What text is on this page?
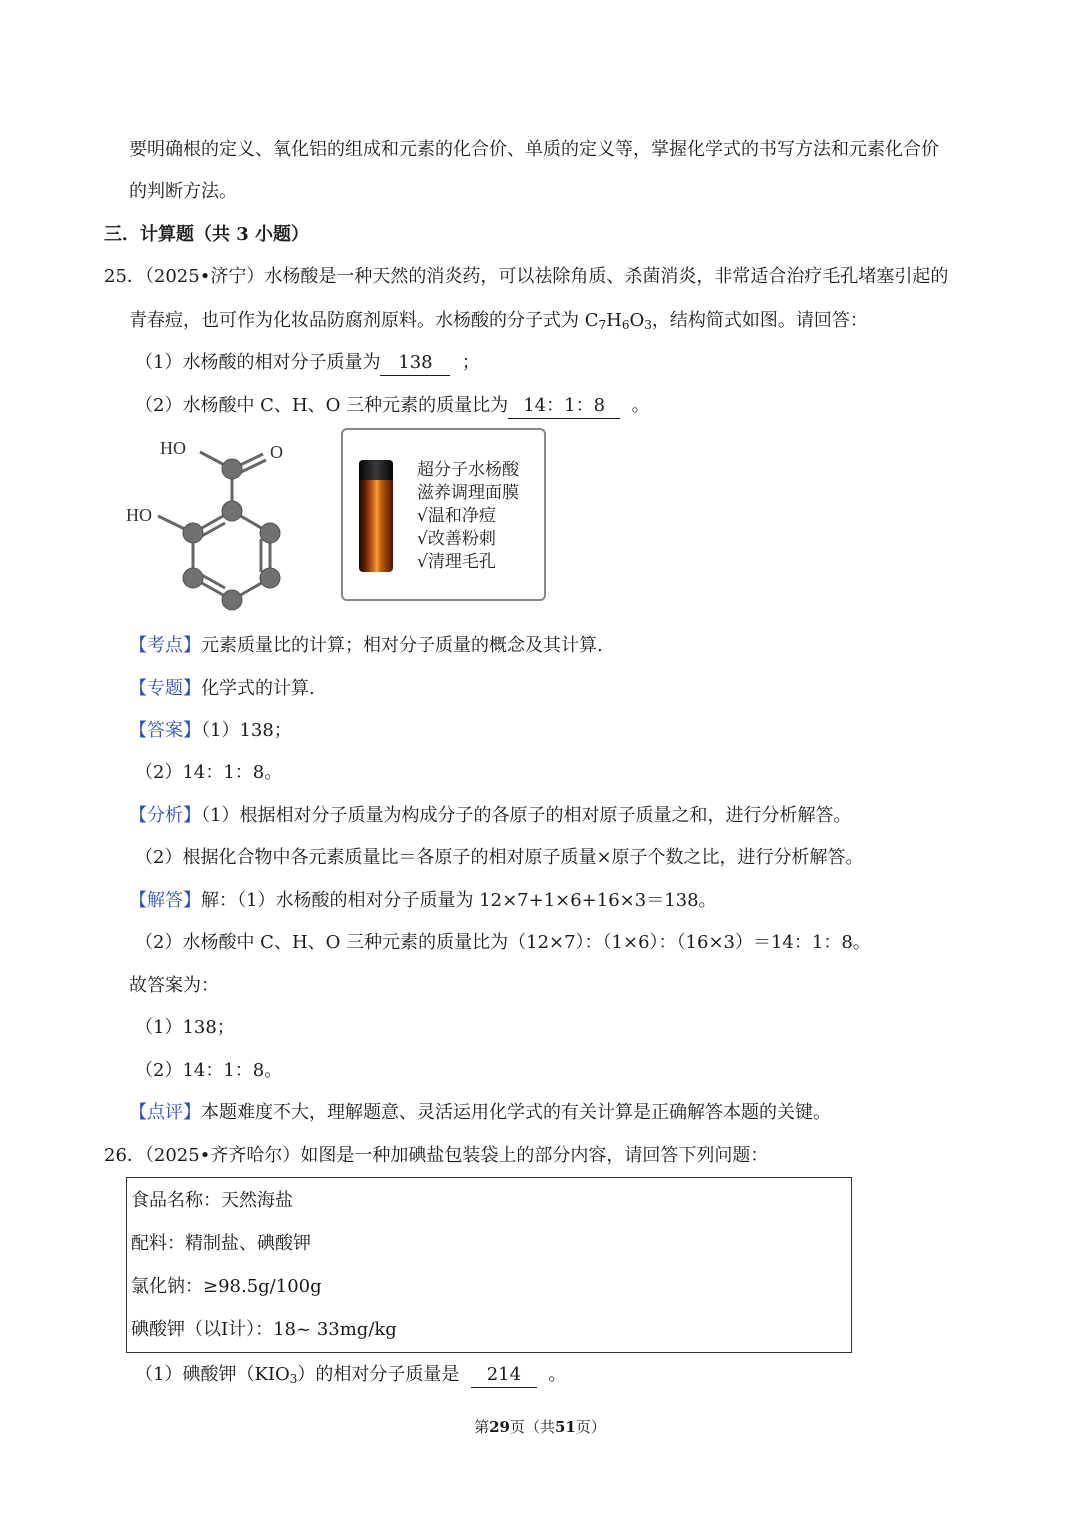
要明确根的定义、氧化铝的组成和元素的化合价、单质的定义等，掌握化学式的书写方法和元素化合价
的判断方法。
三．计算题（共 3 小题）
25．（2025•济宁）水杨酸是一种天然的消炎药，可以祛除角质、杀菌消炎，非常适合治疗毛孔堵塞引起的
青春痘，也可作为化妆品防腐剂原料。水杨酸的分子式为 $C_7H_6O_3$，结构简式如图。请回答：
（1）水杨酸的相对分子质量为 138 ；
（2）水杨酸中 C、H、O 三种元素的质量比为 14：1：8 。
HO	O
HO
超分子水杨酸
滋养调理面膜
√温和净痘
√改善粉刺
√清理毛孔
【考点】元素质量比的计算；相对分子质量的概念及其计算.
【专题】化学式的计算.
【答案】（1）138；
（2）14：1：8。
【分析】（1）根据相对分子质量为构成分子的各原子的相对原子质量之和，进行分析解答。
（2）根据化合物中各元素质量比＝各原子的相对原子质量×原子个数之比，进行分析解答。
【解答】解：（1）水杨酸的相对分子质量为 12×7+1×6+16×3＝138。
（2）水杨酸中 C、H、O 三种元素的质量比为（12×7）：（1×6）：（16×3）＝14：1：8。
故答案为：
（1）138；
（2）14：1：8。
【点评】本题难度不大，理解题意、灵活运用化学式的有关计算是正确解答本题的关键。
26．（2025•齐齐哈尔）如图是一种加碘盐包装袋上的部分内容，请回答下列问题：
食品名称：天然海盐
配料：精制盐、碘酸钾
氯化钠：≥98.5g/100g
碘酸钾（以I计）：18~ 33mg/kg
（1）碘酸钾$(KIO_3)$的相对分子质量是 214 。
第29页（共51页）
